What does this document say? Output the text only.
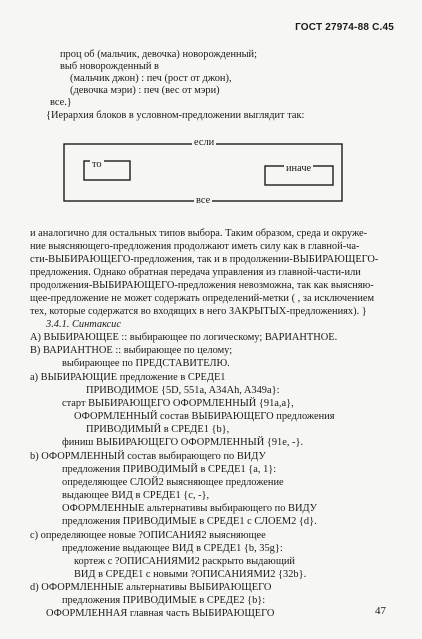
ГОСТ 27974-88 С.45
проц об (мальчик, девочка) новорожденный;
выб новорожденный в
(мальчик джон) : печ (рост от джон),
(девочка мэри) : печ (вес от мэри)
все.}
{Иерархия блоков в условном-предложении выглядит так:
если
то	иначе
все
и аналогично для остальных типов выбора. Таким образом, среда и окруже-
ние выясняющего-предложения продолжают иметь силу как в главной-ча-
сти-ВЫБИРАЮЩЕГО-предложения, так и в продолжении-ВЫБИРАЮЩЕГО-
предложения. Однако обратная передача управления из главной-части-или
продолжения-ВЫБИРАЮЩЕГО-предложения невозможна, так как выясняю-
щее-предложение не может содержать определений-метки ( , за исключением
тех, которые содержатся во входящих в него ЗАКРЫТЫХ-предложениях). }
3.4.1. Синтаксис
A) ВЫБИРАЮЩЕЕ :: выбирающее по логическому; ВАРИАНТНОЕ.
B) ВАРИАНТНОЕ :: выбирающее по целому;
выбирающее по ПРЕДСТАВИТЕЛЮ.
a) ВЫБИРАЮЩИЕ предложение в СРЕДЕ1
ПРИВОДИМОЕ {5D, 551a, A34Ah, A349a}:
старт ВЫБИРАЮЩЕГО ОФОРМЛЕННЫЙ {91a,a},
ОФОРМЛЕННЫЙ состав ВЫБИРАЮЩЕГО предложения
ПРИВОДИМЫЙ в СРЕДЕ1 {b},
финиш ВЫБИРАЮЩЕГО ОФОРМЛЕННЫЙ {91e, -}.
b) ОФОРМЛЕННЫЙ состав выбирающего по ВИДУ
предложения ПРИВОДИМЫЙ в СРЕДЕ1 {a, 1}:
определяющее СЛОЙ2 выясняющее предложение
выдающее ВИД в СРЕДЕ1 {c, -},
ОФОРМЛЕННЫЕ альтернативы выбирающего по ВИДУ
предложения ПРИВОДИМЫЕ в СРЕДЕ1 с СЛОЕМ2 {d}.
c) определяющее новые ?ОПИСАНИЯ2 выясняющее
предложение выдающее ВИД в СРЕДЕ1 {b, 35g}:
кортеж с ?ОПИСАНИЯМИ2 раскрыто выдающий
ВИД в СРЕДЕ1 с новыми ?ОПИСАНИЯМИ2 {32b}.
d) ОФОРМЛЕННЫЕ альтернативы ВЫБИРАЮЩЕГО
предложения ПРИВОДИМЫЕ в СРЕДЕ2 {b}:
ОФОРМЛЕННАЯ главная часть ВЫБИРАЮЩЕГО	47
